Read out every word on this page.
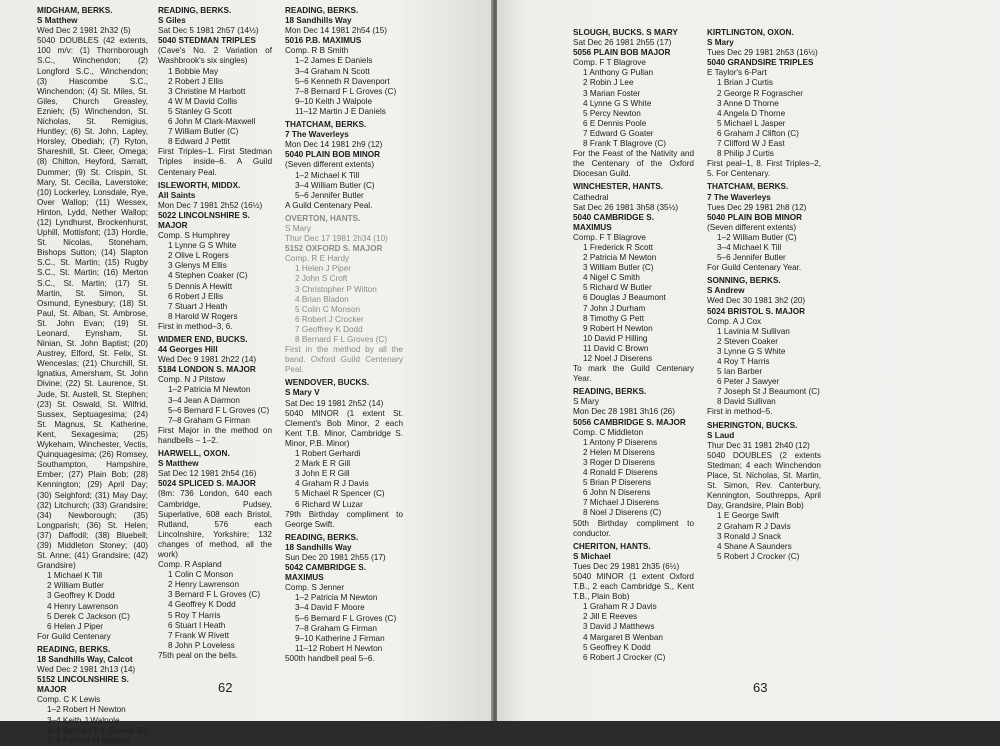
MIDGHAM, BERKS.
S Matthew
Wed Dec 2 1981 2h32 (5)
5040 DOUBLES (42 extents, 100 m/v: (1) Thornborough S.C., Winchendon; (2) Longford S.C., Winchendon; (3) Hascombe S.C., Winchendon; (4) St. Miles, St. Giles, Church Greasley, Eznieh; (5) Winchendon, St. Nicholas, St. Remigius, Huntley; (6) St. John, Lapley, Horsley, Obediah; (7) Ryton, Shareshill, St. Cleer, Omega; (8) Chilton, Heyford, Sarratt, Dummer; (9) St. Crispin, St. Mary, St. Cecilia, Laverstoke; (10) Lockerley, Lonsdale, Rye, Over Wallop; (11) Wessex, Hinton, Lydd, Nether Wallop; (12) Lyndhurst, Brockenhurst, Uphill, Mottisfont; (13) Hordle, St. Nicolas, Stoneham, Bishops Sutton; (14) Slapton S.C., St. Martin; (15) Rugby S.C., St. Martin; (16) Merton S.C., St. Martin; (17) St. Martin, St. Simon, St. Osmund, Eynesbury; (18) St. Paul, St. Alban, St. Ambrose, St. John Evan; (19) St. Leonard, Eynsham, St. Ninian, St. John Baptist; (20) Austrey, Elford, St. Felix, St. Wenceslas; (21) Churchill, St. Ignatius, Amersham, St. John Divine; (22) St. Laurence, St. Jude, St. Austell, St. Stephen; (23) St. Oswald, St. Wilfrid, Sussex, Septuagesima; (24) St. Magnus, St. Katherine, Kent, Sexagesima; (25) Wykeham, Winchester, Vectis, Quinquagesima; (26) Romsey, Southampton, Hampshire, Ember; (27) Plain Bob; (28) Kennington; (29) April Day; (30) Seighford; (31) May Day; (32) Litchurch; (33) Grandsire; (34) Newborough; (35) Longparish; (36) St. Helen; (37) Daffodil; (38) Bluebell; (39) Middleton Stoney; (40) St. Anne; (41) Grandsire; (42) Grandsire)
1 Michael K Till
2 William Butler
3 Geoffrey K Dodd
4 Henry Lawrenson
5 Derek C Jackson (C)
6 Helen J Piper
For Guild Centenary
READING, BERKS.
18 Sandhills Way, Calcot
Wed Dec 2 1981 2h13 (14)
5152 LINCOLNSHIRE S. MAJOR
Comp. C K Lewis
1–2 Robert H Newton
3–4 Keith J Walpole
5–6 Bernard F L Groves (C)
7–8 Patricia M Newton
READING, BERKS.
S Giles
Sat Dec 5 1981 2h57 (14½)
5040 STEDMAN TRIPLES
(Cave's No. 2 Variation of Washbrook's six singles)
1 Bobbie May
2 Robert J Ellis
3 Christine M Harbott
4 W M David Collis
5 Stanley G Scott
6 John M Clark-Maxwell
7 William Butler (C)
8 Edward J Pettit
First Triples–1. First Stedman Triples inside–6. A Guild Centenary Peal.
ISLEWORTH, MIDDX.
All Saints
Mon Dec 7 1981 2h52 (16½)
5022 LINCOLNSHIRE S. MAJOR
Comp. S Humphrey
1 Lynne G S White
2 Olive L Rogers
3 Glenys M Ellis
4 Stephen Coaker (C)
5 Dennis A Hewitt
6 Robert J Ellis
7 Stuart J Heath
8 Harold W Rogers
First in method–3, 6.
WIDMER END, BUCKS.
44 Georges Hill
Wed Dec 9 1981 2h22 (14)
5184 LONDON S. MAJOR
Comp. N J Pitstow
1–2 Patricia M Newton
3–4 Jean A Darmon
5–6 Bernard F L Groves (C)
7–8 Graham G Firman
First Major in the method on handbells – 1–2.
HARWELL, OXON.
S Matthew
Sat Dec 12 1981 2h54 (16)
5024 SPLICED S. MAJOR
(8m: 736 London, 640 each Cambridge, Pudsey, Superlative, 608 each Bristol, Rutland, 576 each Lincolnshire, Yorkshire; 132 changes of method, all the work)
Comp. R Aspland
1 Colin C Monson
2 Henry Lawrenson
3 Bernard F L Groves (C)
4 Geoffrey K Dodd
5 Roy T Harris
6 Stuart I Heath
7 Frank W Rivett
8 John P Loveless
75th peal on the bells.
READING, BERKS.
18 Sandhills Way
Mon Dec 14 1981 2h54 (15)
5016 P.B. MAXIMUS
Comp. R B Smith
1–2 James E Daniels
3–4 Graham N Scott
5–6 Kenneth R Davenport
7–8 Bernard F L Groves (C)
9–10 Keith J Walpole
11–12 Martin J E Daniels
THATCHAM, BERKS.
7 The Waverleys
Mon Dec 14 1981 2h9 (12)
5040 PLAIN BOB MINOR
(Seven different extents)
1–2 Michael K Till
3–4 William Butler (C)
5–6 Jennifer Butler
A Guild Centenary Peal.
OVERTON, HANTS.
S Mary
Thur Dec 17 1981 2h34 (10)
5152 OXFORD S. MAJOR
Comp. R E Hardy
1 Helen J Piper
2 John S Croft
3 Christopher P Wilton
4 Brian Bladon
5 Colin C Monson
6 Robert J Crocker
7 Geoffrey K Dodd
8 Bernard F L Groves (C)
First in the method by all the band. Oxford Guild Centenary Peal.
WENDOVER, BUCKS.
S Mary V
Sat Dec 19 1981 2h52 (14)
5040 MINOR (1 extent St. Clement's Bob Minor, 2 each Kent T.B. Minor, Cambridge S. Minor, P.B. Minor)
1 Robert Gerhardi
2 Mark E R Gill
3 John E R Gill
4 Graham R J Davis
5 Michael R Spencer (C)
6 Richard W Luzar
79th Birthday compliment to George Swift.
READING, BERKS.
18 Sandhills Way
Sun Dec 20 1981 2h55 (17)
5042 CAMBRIDGE S. MAXIMUS
Comp. S Jenner
1–2 Patricia M Newton
3–4 David F Moore
5–6 Bernard F L Groves (C)
7–8 Graham G Firman
9–10 Katherine J Firman
11–12 Robert H Newton
500th handbell peal 5–6.
62
SLOUGH, BUCKS. S MARY
Sat Dec 26 1981 2h55 (17)
5056 PLAIN BOB MAJOR
Comp. F T Blagrove
1 Anthony G Pullan
2 Robin J Lee
3 Marian Foster
4 Lynne G S White
5 Percy Newton
6 E Dennis Poole
7 Edward G Goater
8 Frank T Blagrove (C)
For the Feast of the Nativity and the Centenary of the Oxford Diocesan Guild.
WINCHESTER, HANTS.
Cathedral
Sat Dec 26 1981 3h58 (35½)
5040 CAMBRIDGE S. MAXIMUS
Comp. F T Blagrove
1 Frederick R Scott
2 Patricia M Newton
3 William Butler (C)
4 Nigel C Smith
5 Richard W Butler
6 Douglas J Beaumont
7 John J Durham
8 Timothy G Pett
9 Robert H Newton
10 David P Hilling
11 David C Brown
12 Noel J Diserens
To mark the Guild Centenary Year.
READING, BERKS.
S Mary
Mon Dec 28 1981 3h16 (26)
5056 CAMBRIDGE S. MAJOR
Comp. C Middleton
1 Antony P Diserens
2 Helen M Diserens
3 Roger D Diserens
4 Ronald F Diserens
5 Brian P Diserens
6 John N Diserens
7 Michael J Diserens
8 Noel J Diserens (C)
50th Birthday compliment to conductor.
CHERITON, HANTS.
S Michael
Tues Dec 29 1981 2h35 (6½)
5040 MINOR (1 extent Oxford T.B., 2 each Cambridge S., Kent T.B., Plain Bob)
1 Graham R J Davis
2 Jill E Reeves
3 David J Matthews
4 Margaret B Wenban
5 Geoffrey K Dodd
6 Robert J Crocker (C)
KIRTLINGTON, OXON.
S Mary
Tues Dec 29 1981 2h53 (16½)
5040 GRANDSIRE TRIPLES
E Taylor's 6-Part
1 Brian J Curtis
2 George R Fograscher
3 Anne D Thorne
4 Angela D Thorne
5 Michael L Jasper
6 Graham J Clifton (C)
7 Clifford W J East
8 Philip J Curtis
First peal–1, 8. First Triples–2, 5. For Centenary.
THATCHAM, BERKS.
7 The Waverleys
Tues Dec 29 1981 2h8 (12)
5040 PLAIN BOB MINOR
(Seven different extents)
1–2 William Butler (C)
3–4 Michael K Till
5–6 Jennifer Butler
For Guild Centenary Year.
SONNING, BERKS.
S Andrew
Wed Dec 30 1981 3h2 (20)
5024 BRISTOL S. MAJOR
Comp. A J Cox
1 Lavinia M Sullivan
2 Steven Coaker
3 Lynne G S White
4 Roy T Harris
5 Ian Barber
6 Peter J Sawyer
7 Joseph St J Beaumont (C)
8 David Sullivan
First in method–5.
SHERINGTON, BUCKS.
S Laud
Thur Dec 31 1981 2h40 (12)
5040 DOUBLES (2 extents Stedman; 4 each Winchendon Place, St. Nicholas, St. Martin, St. Simon, Rev. Canterbury, Kennington, Southrepps, April Day, Grandsire, Plain Bob)
1 E George Swift
2 Graham R J Davis
3 Ronald J Snack
4 Shane A Saunders
5 Robert J Crocker (C)
63
